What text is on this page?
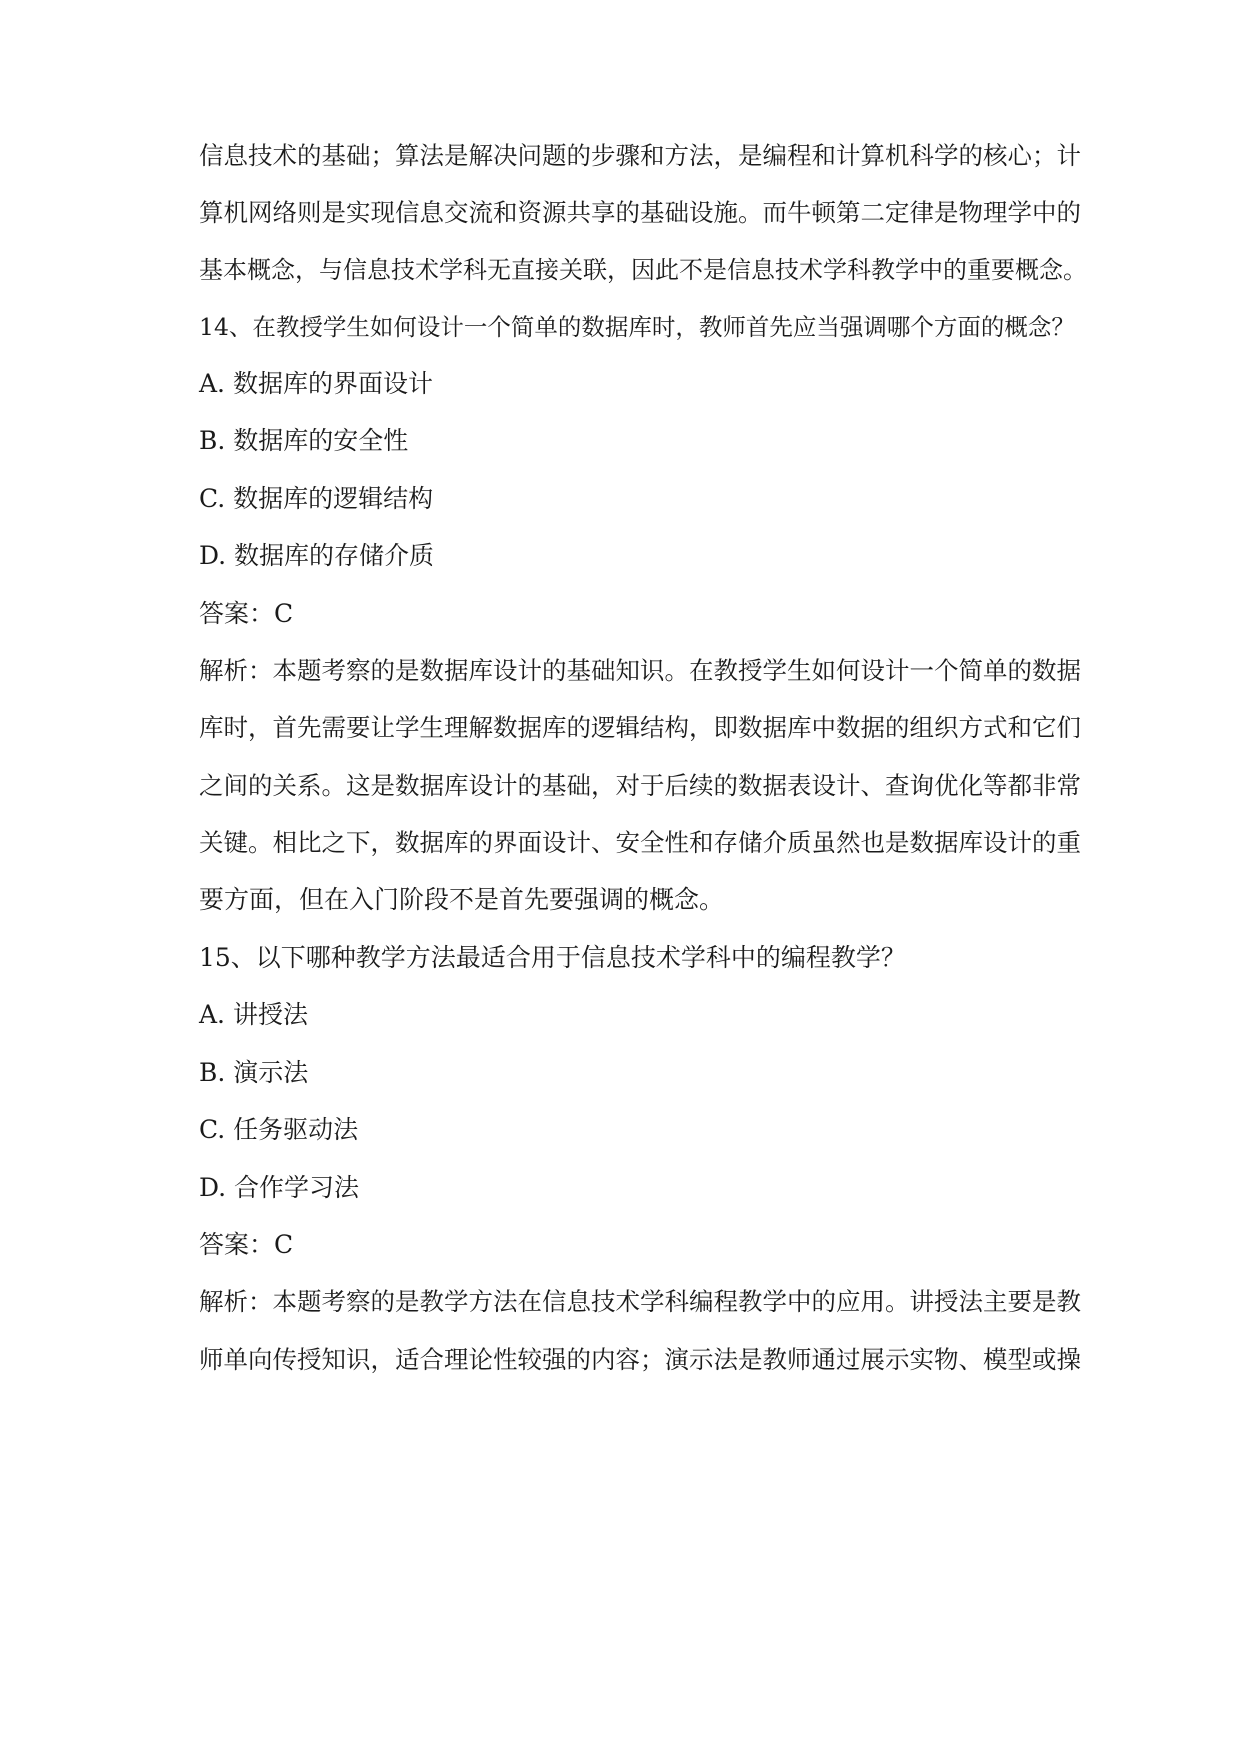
信息技术的基础；算法是解决问题的步骤和方法，是编程和计算机科学的核心；计
算机网络则是实现信息交流和资源共享的基础设施。而牛顿第二定律是物理学中的
基本概念，与信息技术学科无直接关联，因此不是信息技术学科教学中的重要概念。
14、在教授学生如何设计一个简单的数据库时，教师首先应当强调哪个方面的概念？
A. 数据库的界面设计
B. 数据库的安全性
C. 数据库的逻辑结构
D. 数据库的存储介质
答案：C
解析：本题考察的是数据库设计的基础知识。在教授学生如何设计一个简单的数据
库时，首先需要让学生理解数据库的逻辑结构，即数据库中数据的组织方式和它们
之间的关系。这是数据库设计的基础，对于后续的数据表设计、查询优化等都非常
关键。相比之下，数据库的界面设计、安全性和存储介质虽然也是数据库设计的重
要方面，但在入门阶段不是首先要强调的概念。
15、以下哪种教学方法最适合用于信息技术学科中的编程教学？
A. 讲授法
B. 演示法
C. 任务驱动法
D. 合作学习法
答案：C
解析：本题考察的是教学方法在信息技术学科编程教学中的应用。讲授法主要是教
师单向传授知识，适合理论性较强的内容；演示法是教师通过展示实物、模型或操
